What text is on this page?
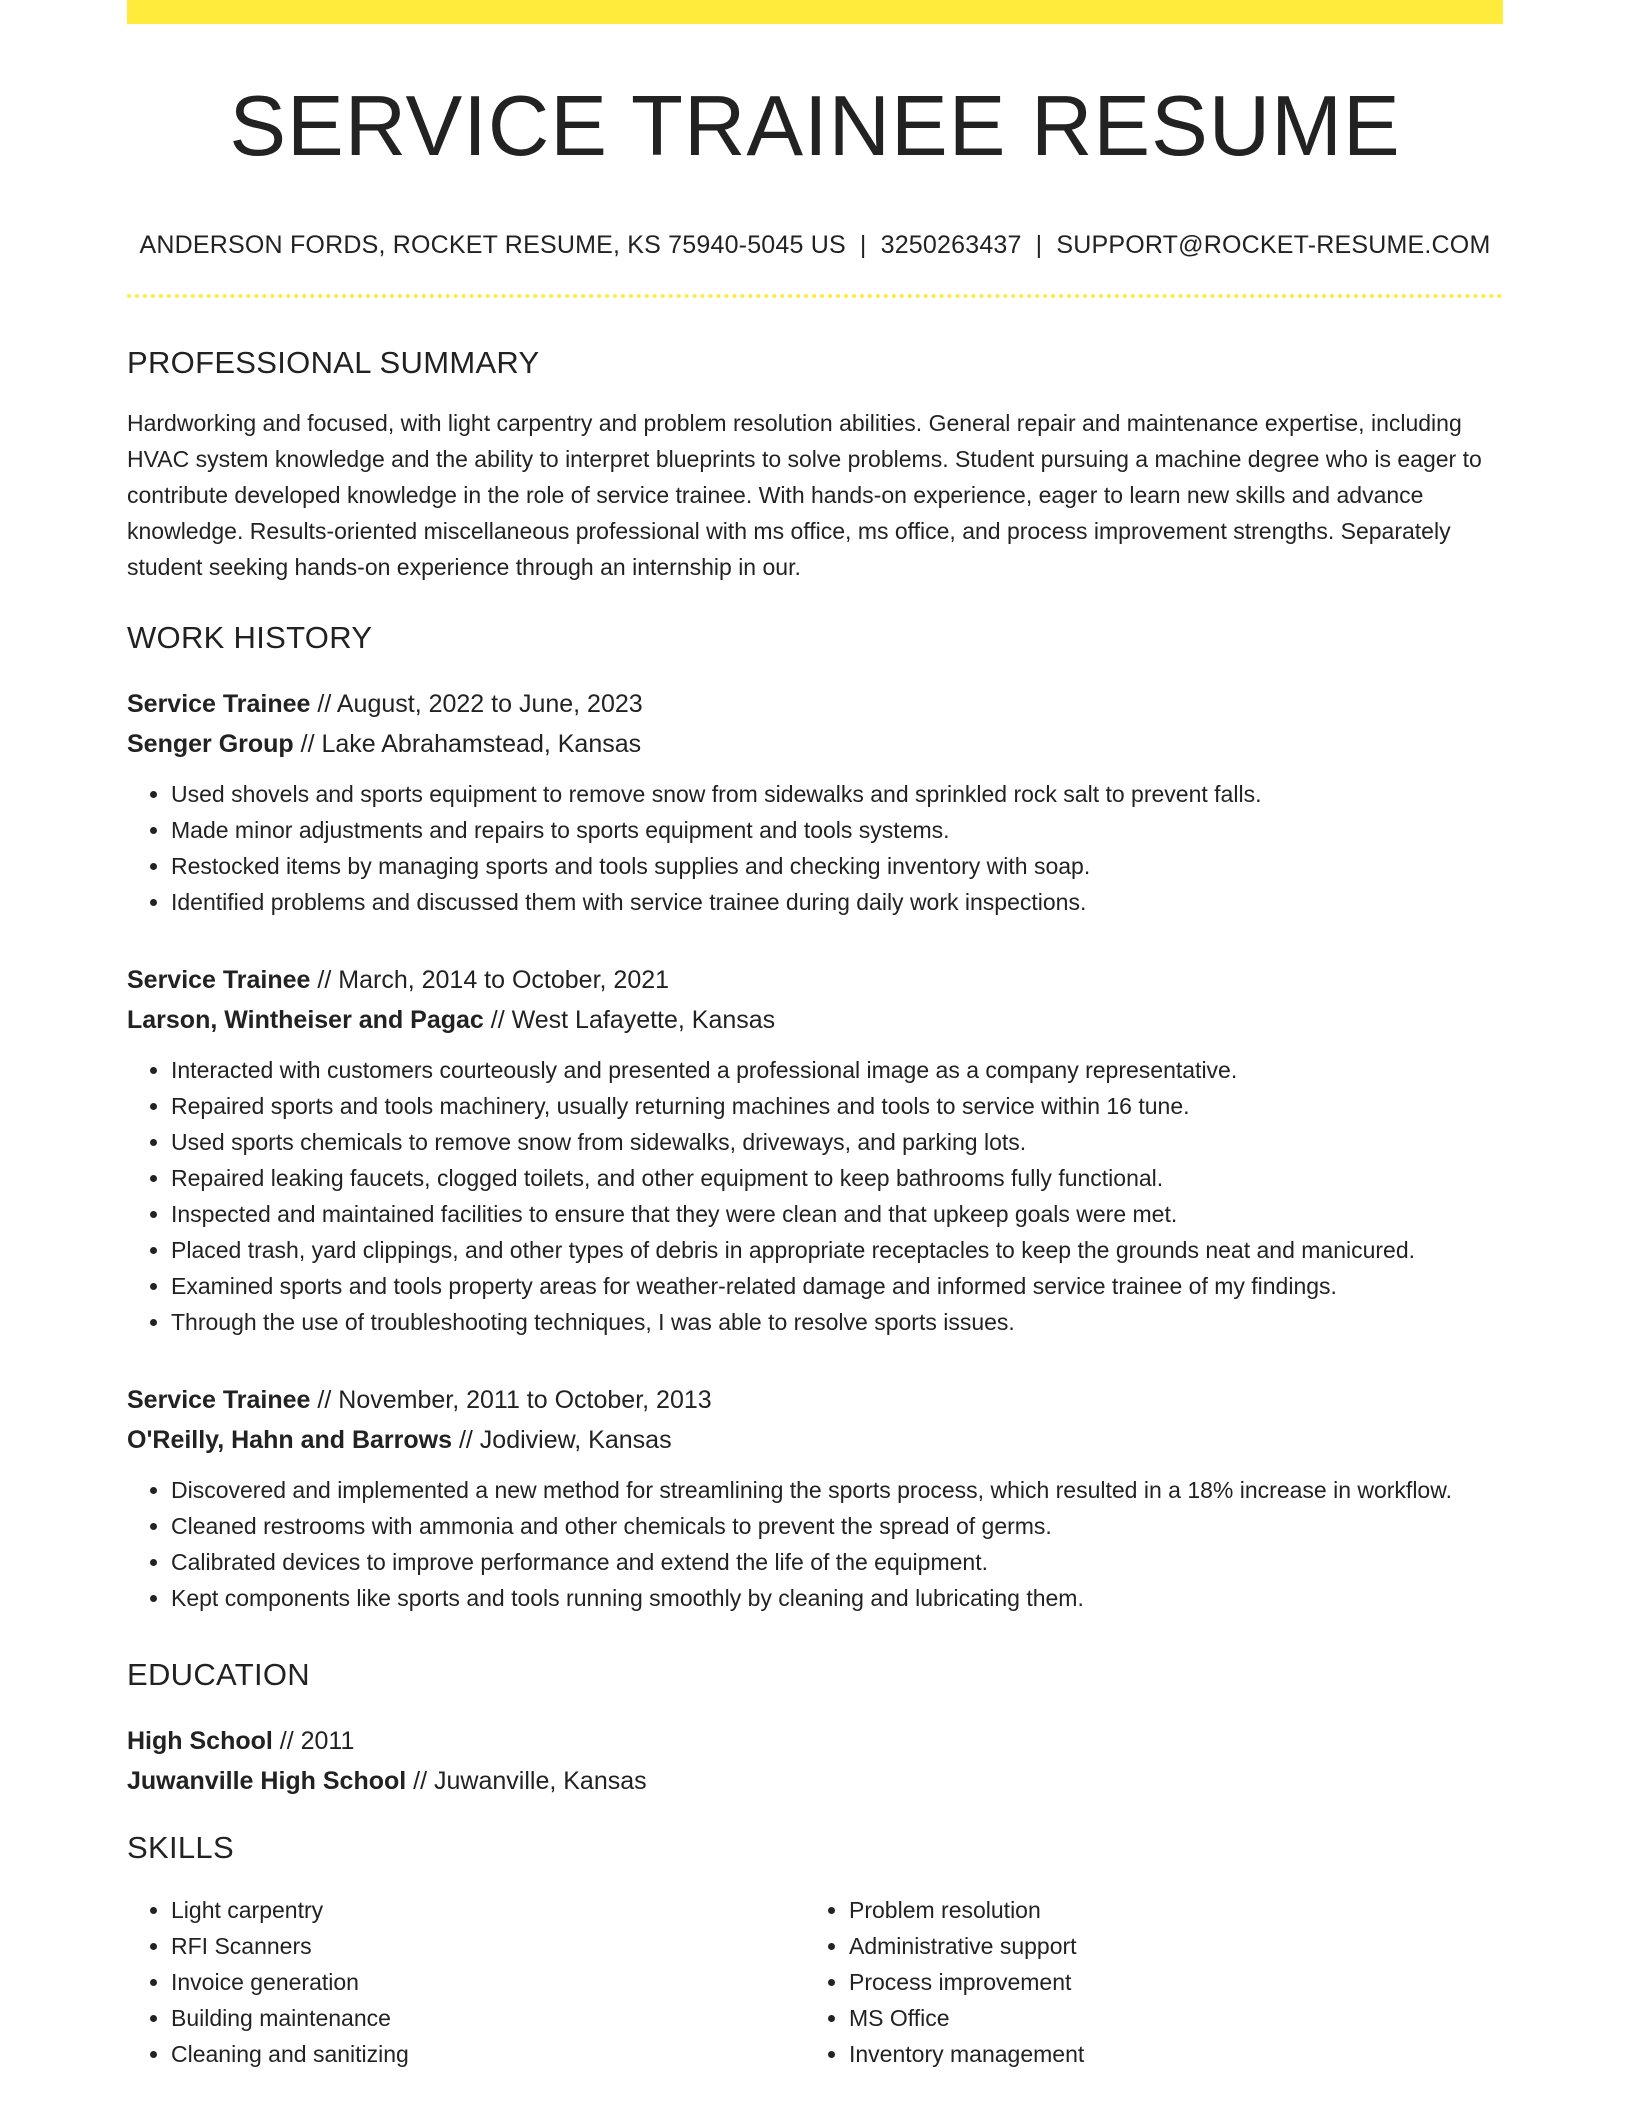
SERVICE TRAINEE RESUME
ANDERSON FORDS, ROCKET RESUME, KS 75940-5045 US | 3250263437 | SUPPORT@ROCKET-RESUME.COM
PROFESSIONAL SUMMARY
Hardworking and focused, with light carpentry and problem resolution abilities. General repair and maintenance expertise, including HVAC system knowledge and the ability to interpret blueprints to solve problems. Student pursuing a machine degree who is eager to contribute developed knowledge in the role of service trainee. With hands-on experience, eager to learn new skills and advance knowledge. Results-oriented miscellaneous professional with ms office, ms office, and process improvement strengths. Separately student seeking hands-on experience through an internship in our.
WORK HISTORY
Service Trainee // August, 2022 to June, 2023
Senger Group // Lake Abrahamstead, Kansas
• Used shovels and sports equipment to remove snow from sidewalks and sprinkled rock salt to prevent falls.
• Made minor adjustments and repairs to sports equipment and tools systems.
• Restocked items by managing sports and tools supplies and checking inventory with soap.
• Identified problems and discussed them with service trainee during daily work inspections.
Service Trainee // March, 2014 to October, 2021
Larson, Wintheiser and Pagac // West Lafayette, Kansas
• Interacted with customers courteously and presented a professional image as a company representative.
• Repaired sports and tools machinery, usually returning machines and tools to service within 16 tune.
• Used sports chemicals to remove snow from sidewalks, driveways, and parking lots.
• Repaired leaking faucets, clogged toilets, and other equipment to keep bathrooms fully functional.
• Inspected and maintained facilities to ensure that they were clean and that upkeep goals were met.
• Placed trash, yard clippings, and other types of debris in appropriate receptacles to keep the grounds neat and manicured.
• Examined sports and tools property areas for weather-related damage and informed service trainee of my findings.
• Through the use of troubleshooting techniques, I was able to resolve sports issues.
Service Trainee // November, 2011 to October, 2013
O'Reilly, Hahn and Barrows // Jodiview, Kansas
• Discovered and implemented a new method for streamlining the sports process, which resulted in a 18% increase in workflow.
• Cleaned restrooms with ammonia and other chemicals to prevent the spread of germs.
• Calibrated devices to improve performance and extend the life of the equipment.
• Kept components like sports and tools running smoothly by cleaning and lubricating them.
EDUCATION
High School // 2011
Juwanville High School // Juwanville, Kansas
SKILLS
• Light carpentry
• RFI Scanners
• Invoice generation
• Building maintenance
• Cleaning and sanitizing
• Problem resolution
• Administrative support
• Process improvement
• MS Office
• Inventory management
